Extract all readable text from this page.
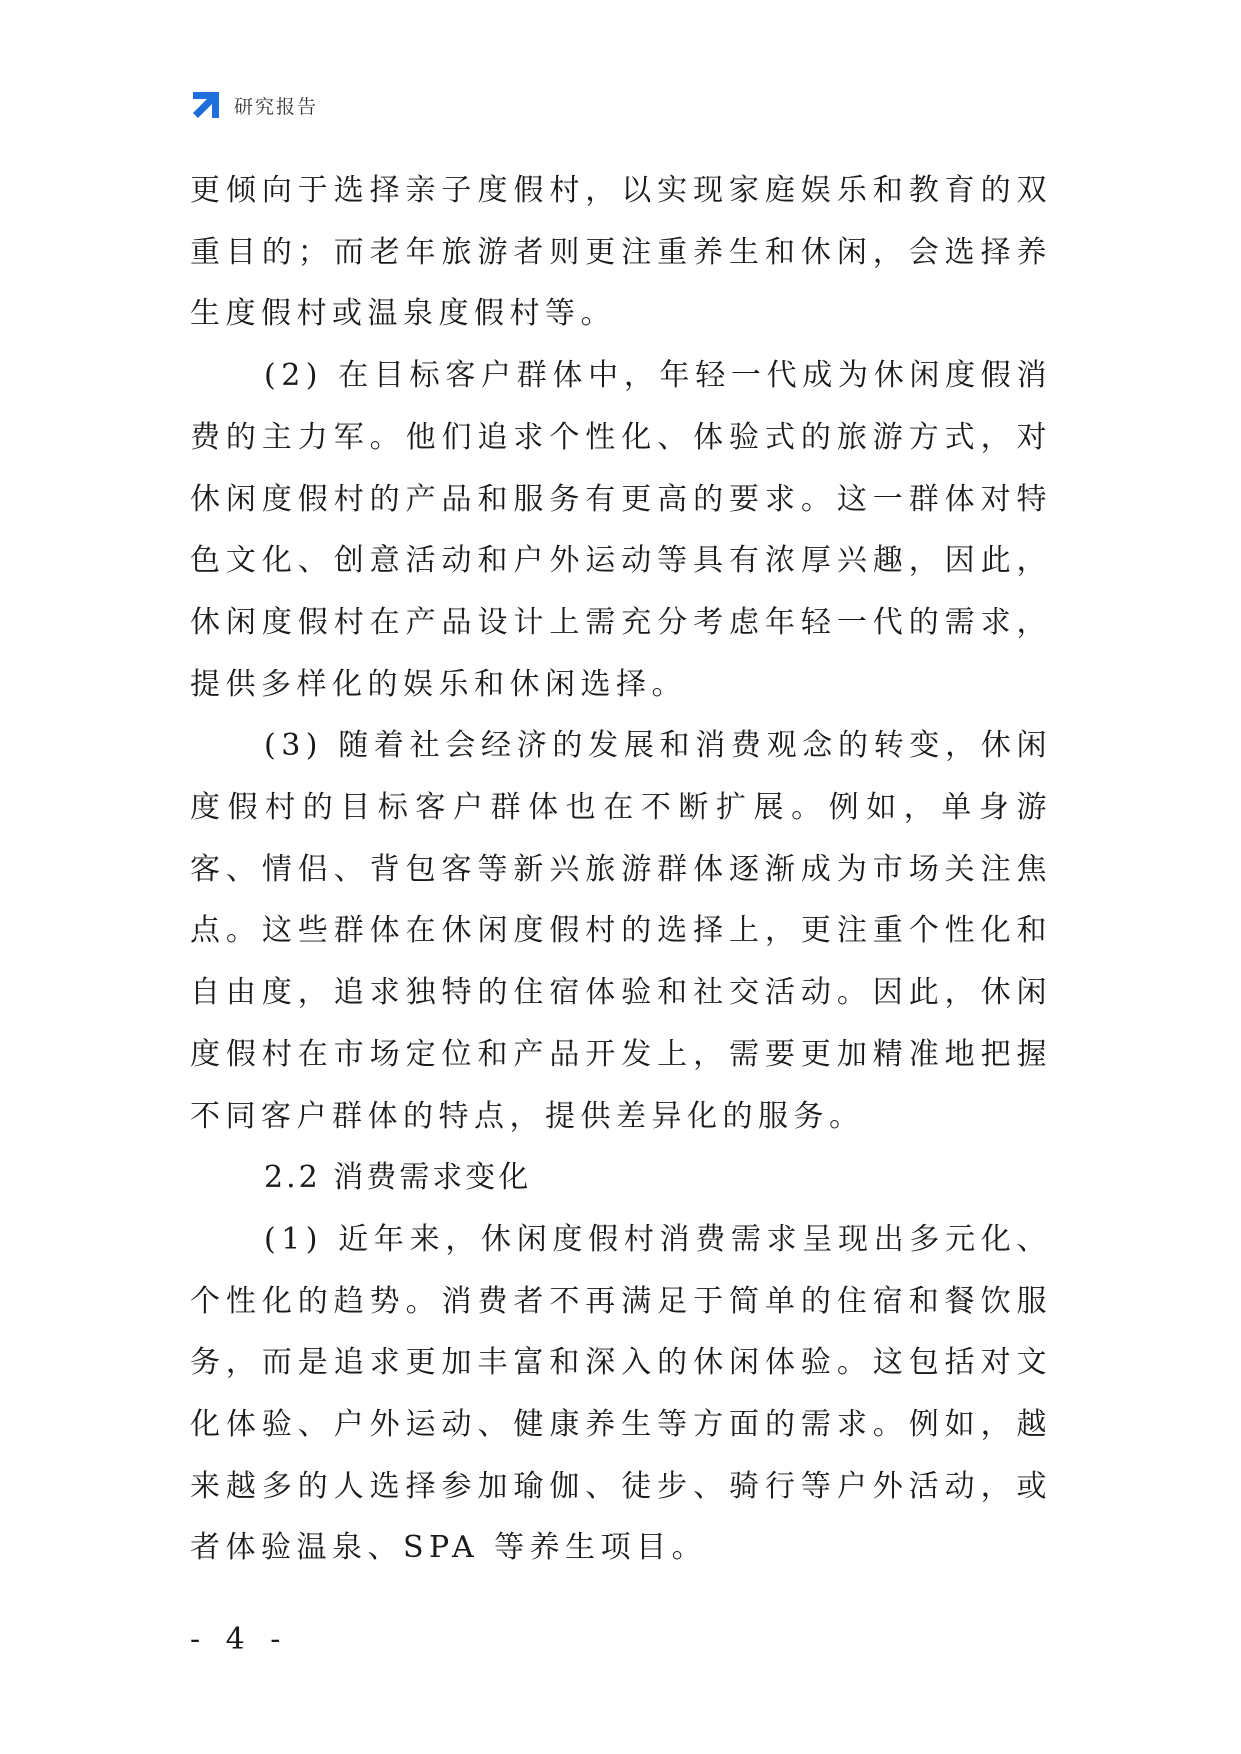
研究报告

更倾向于选择亲子度假村，以实现家庭娱乐和教育的双重目的；而老年旅游者则更注重养生和休闲，会选择养生度假村或温泉度假村等。

(2) 在目标客户群体中，年轻一代成为休闲度假消费的主力军。他们追求个性化、体验式的旅游方式，对休闲度假村的产品和服务有更高的要求。这一群体对特色文化、创意活动和户外运动等具有浓厚兴趣，因此，休闲度假村在产品设计上需充分考虑年轻一代的需求，提供多样化的娱乐和休闲选择。

(3) 随着社会经济的发展和消费观念的转变，休闲度假村的目标客户群体也在不断扩展。例如，单身游客、情侣、背包客等新兴旅游群体逐渐成为市场关注焦点。这些群体在休闲度假村的选择上，更注重个性化和自由度，追求独特的住宿体验和社交活动。因此，休闲度假村在市场定位和产品开发上，需要更加精准地把握不同客户群体的特点，提供差异化的服务。

2.2 消费需求变化

(1) 近年来，休闲度假村消费需求呈现出多元化、个性化的趋势。消费者不再满足于简单的住宿和餐饮服务，而是追求更加丰富和深入的休闲体验。这包括对文化体验、户外运动、健康养生等方面的需求。例如，越来越多的人选择参加瑜伽、徒步、骑行等户外活动，或者体验温泉、SPA 等养生项目。

- 4 -
